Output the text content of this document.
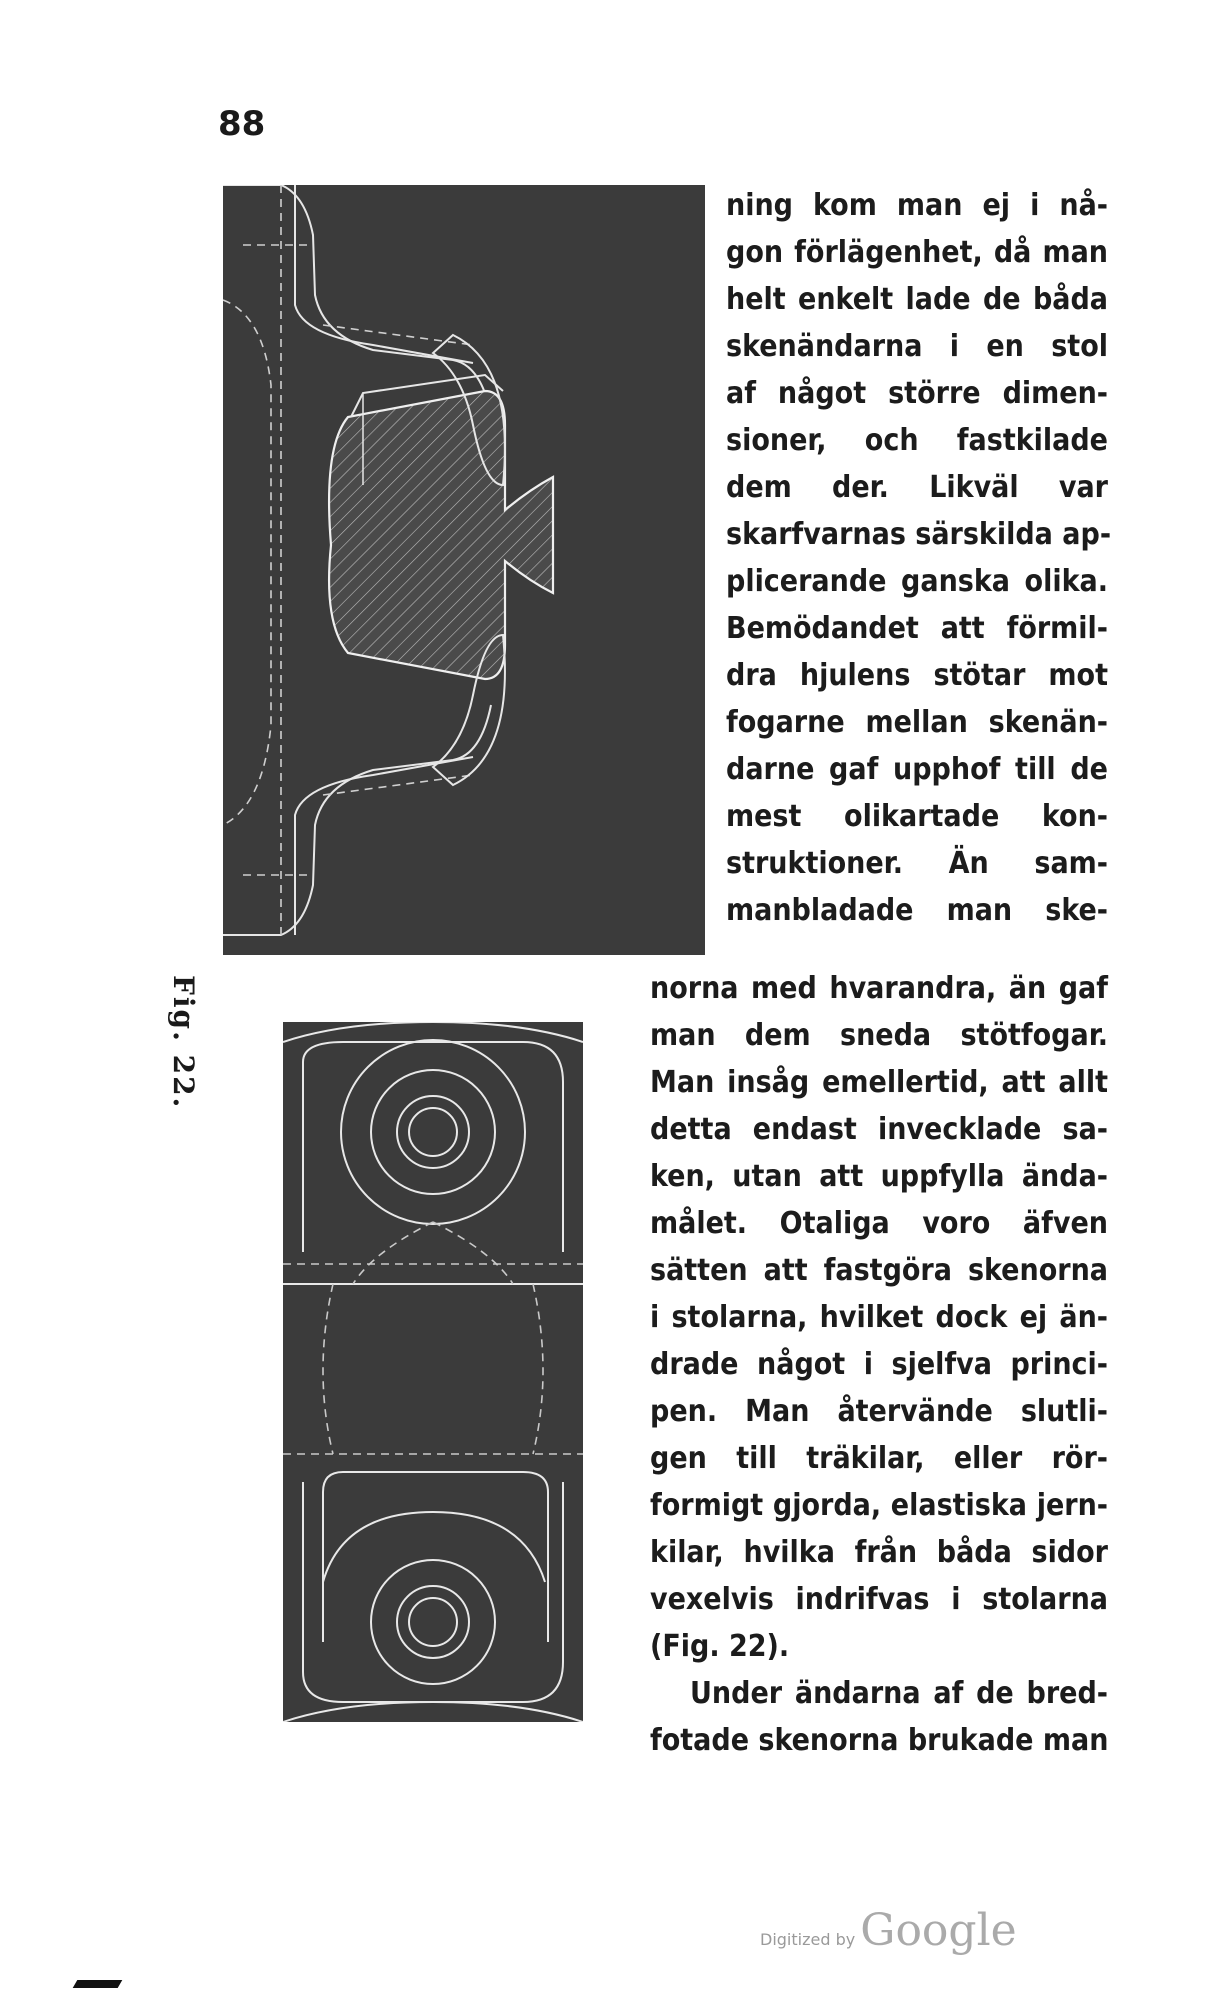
88
Fig. 22.
ning kom man ej i nå-
gon förlägenhet, då man
helt enkelt lade de båda
skenändarna i en stol
af något större dimen-
sioner, och fastkilade
dem der. Likväl var
skarfvarnas särskilda ap-
plicerande ganska olika.
Bemödandet att förmil-
dra hjulens stötar mot
fogarne mellan skenän-
darne gaf upphof till de
mest olikartade kon-
struktioner. Än sam-
manbladade man ske-
norna med hvarandra, än gaf
man dem sneda stötfogar.
Man insåg emellertid, att allt
detta endast invecklade sa-
ken, utan att uppfylla ända-
målet. Otaliga voro äfven
sätten att fastgöra skenorna
i stolarna, hvilket dock ej än-
drade något i sjelfva princi-
pen. Man återvände slutli-
gen till träkilar, eller rör-
formigt gjorda, elastiska jern-
kilar, hvilka från båda sidor
vexelvis indrifvas i stolarna
(Fig. 22).
Under ändarna af de bred-
fotade skenorna brukade man
Digitized by Google
